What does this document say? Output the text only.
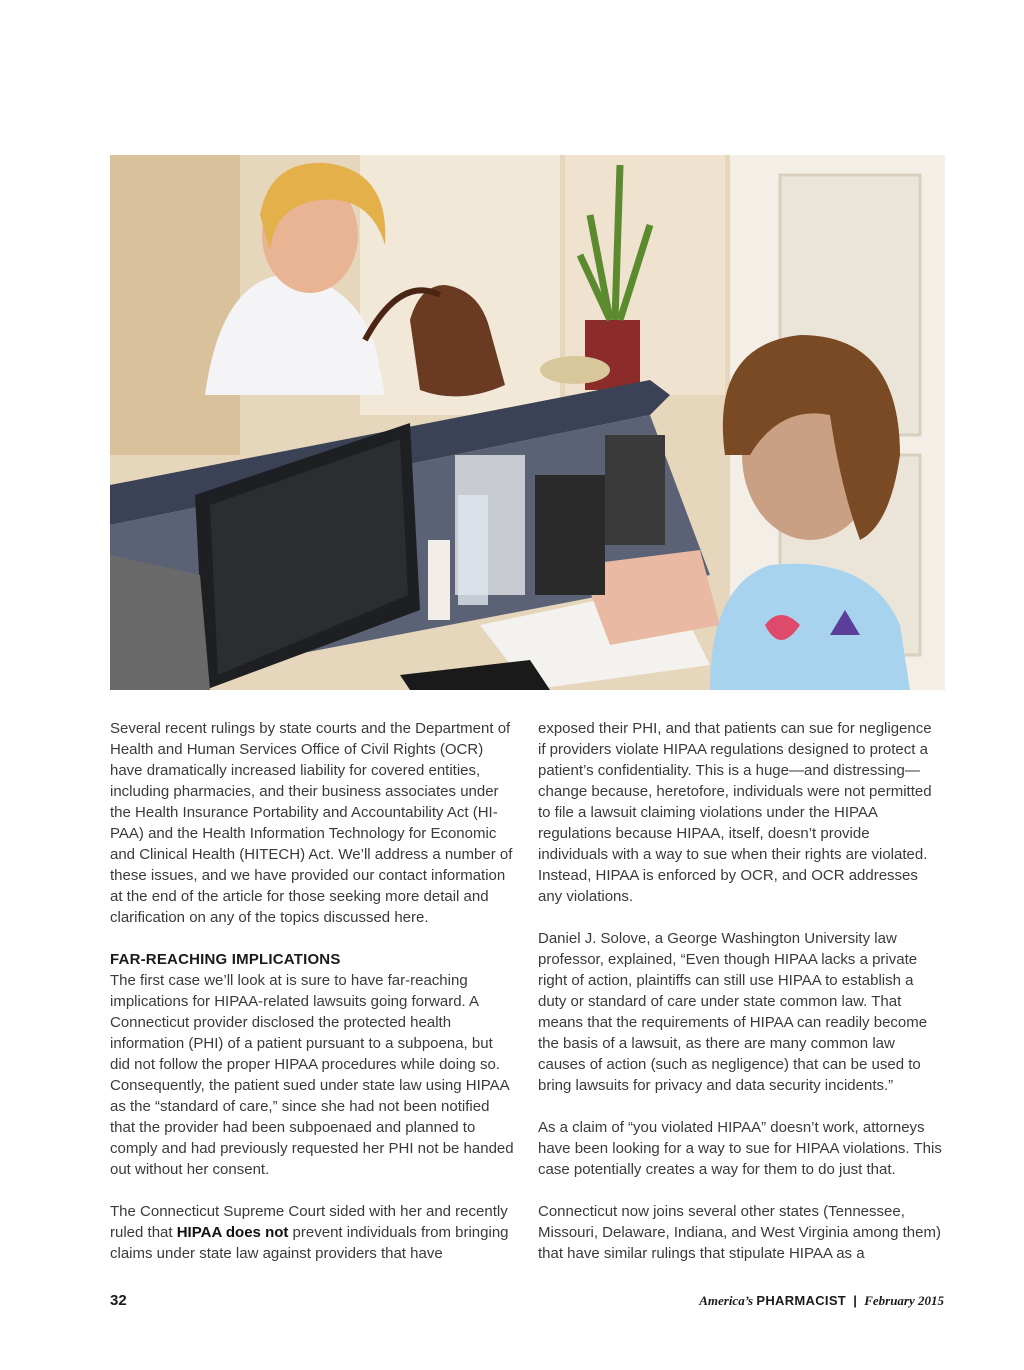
Several recent rulings by state courts and the Department of Health and Human Services Office of Civil Rights (OCR) have dramatically increased liability for covered entities, including pharmacies, and their business associates under the Health Insurance Portability and Accountability Act (HI-PAA) and the Health Information Technology for Economic and Clinical Health (HITECH) Act. We’ll address a number of these issues, and we have provided our contact information at the end of the article for those seeking more detail and clarification on any of the topics discussed here.

FAR-REACHING IMPLICATIONS

The first case we’ll look at is sure to have far-reaching implications for HIPAA-related lawsuits going forward. A Connecticut provider disclosed the protected health information (PHI) of a patient pursuant to a subpoena, but did not follow the proper HIPAA procedures while doing so. Consequently, the patient sued under state law using HIPAA as the “standard of care,” since she had not been notified that the provider had been subpoenaed and planned to comply and had previously requested her PHI not be handed out without her consent.

The Connecticut Supreme Court sided with her and recently ruled that HIPAA does not prevent individuals from bringing claims under state law against providers that have

exposed their PHI, and that patients can sue for negligence if providers violate HIPAA regulations designed to protect a patient’s confidentiality. This is a huge—and distressing—change because, heretofore, individuals were not permitted to file a lawsuit claiming violations under the HIPAA regulations because HIPAA, itself, doesn’t provide individuals with a way to sue when their rights are violated. Instead, HIPAA is enforced by OCR, and OCR addresses any violations.

Daniel J. Solove, a George Washington University law professor, explained, “Even though HIPAA lacks a private right of action, plaintiffs can still use HIPAA to establish a duty or standard of care under state common law. That means that the requirements of HIPAA can readily become the basis of a lawsuit, as there are many common law causes of action (such as negligence) that can be used to bring lawsuits for privacy and data security incidents.”

As a claim of “you violated HIPAA” doesn’t work, attorneys have been looking for a way to sue for HIPAA violations. This case potentially creates a way for them to do just that.

Connecticut now joins several other states (Tennessee, Missouri, Delaware, Indiana, and West Virginia among them) that have similar rulings that stipulate HIPAA as a

32	America’s PHARMACIST | February 2015
